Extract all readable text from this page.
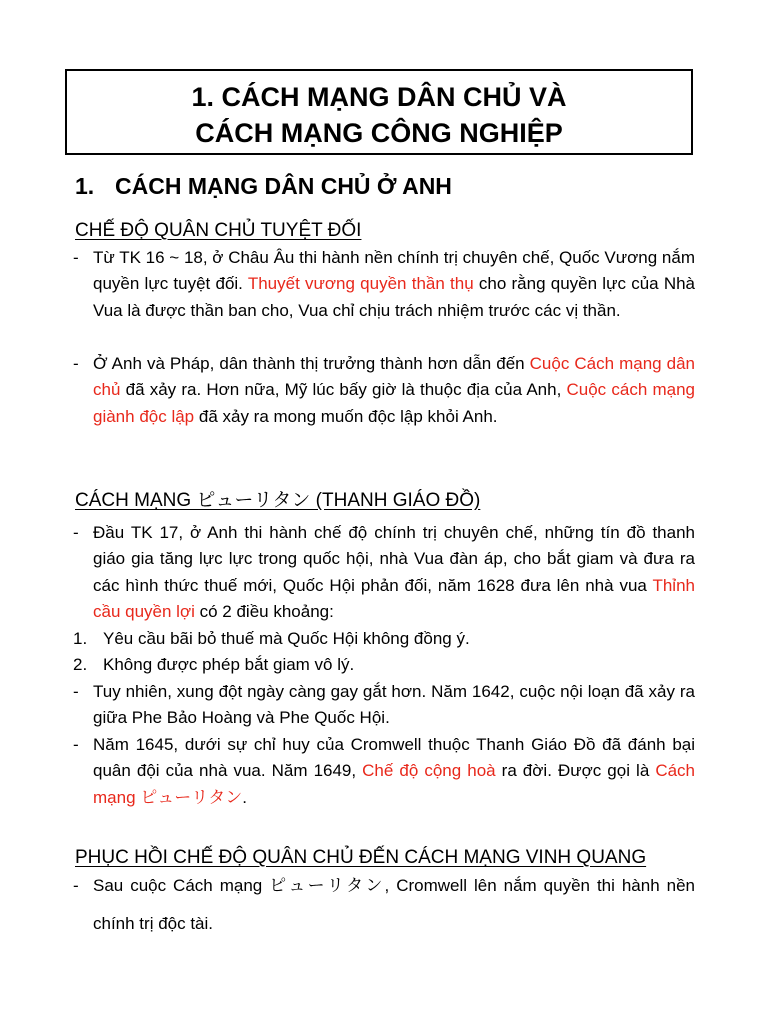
1. CÁCH MẠNG DÂN CHỦ VÀ
CÁCH MẠNG CÔNG NGHIỆP
1. CÁCH MẠNG DÂN CHỦ Ở ANH
CHẾ ĐỘ QUÂN CHỦ TUYỆT ĐỐI
- Từ TK 16 ~ 18, ở Châu Âu thi hành nền chính trị chuyên chế, Quốc Vương nắm quyền lực tuyệt đối. Thuyết vương quyền thần thụ cho rằng quyền lực của Nhà Vua là được thần ban cho, Vua chỉ chịu trách nhiệm trước các vị thần.
- Ở Anh và Pháp, dân thành thị trưởng thành hơn dẫn đến Cuộc Cách mạng dân chủ đã xảy ra. Hơn nữa, Mỹ lúc bấy giờ là thuộc địa của Anh, Cuộc cách mạng giành độc lập đã xảy ra mong muốn độc lập khỏi Anh.
CÁCH MẠNG ピューリタン (THANH GIÁO ĐỒ)
- Đầu TK 17, ở Anh thi hành chế độ chính trị chuyên chế, những tín đồ thanh giáo gia tăng lực lực trong quốc hội, nhà Vua đàn áp, cho bắt giam và đưa ra các hình thức thuế mới, Quốc Hội phản đối, năm 1628 đưa lên nhà vua Thỉnh cầu quyền lợi có 2 điều khoảng:
1. Yêu cầu bãi bỏ thuế mà Quốc Hội không đồng ý.
2. Không được phép bắt giam vô lý.
- Tuy nhiên, xung đột ngày càng gay gắt hơn. Năm 1642, cuộc nội loạn đã xảy ra giữa Phe Bảo Hoàng và Phe Quốc Hội.
- Năm 1645, dưới sự chỉ huy của Cromwell thuộc Thanh Giáo Đồ đã đánh bại quân đội của nhà vua. Năm 1649, Chế độ cộng hoà ra đời. Được gọi là Cách mạng ピューリタン.
PHỤC HỒI CHẾ ĐỘ QUÂN CHỦ ĐẾN CÁCH MẠNG VINH QUANG
- Sau cuộc Cách mạng ピューリタン, Cromwell lên nắm quyền thi hành nền chính trị độc tài.
